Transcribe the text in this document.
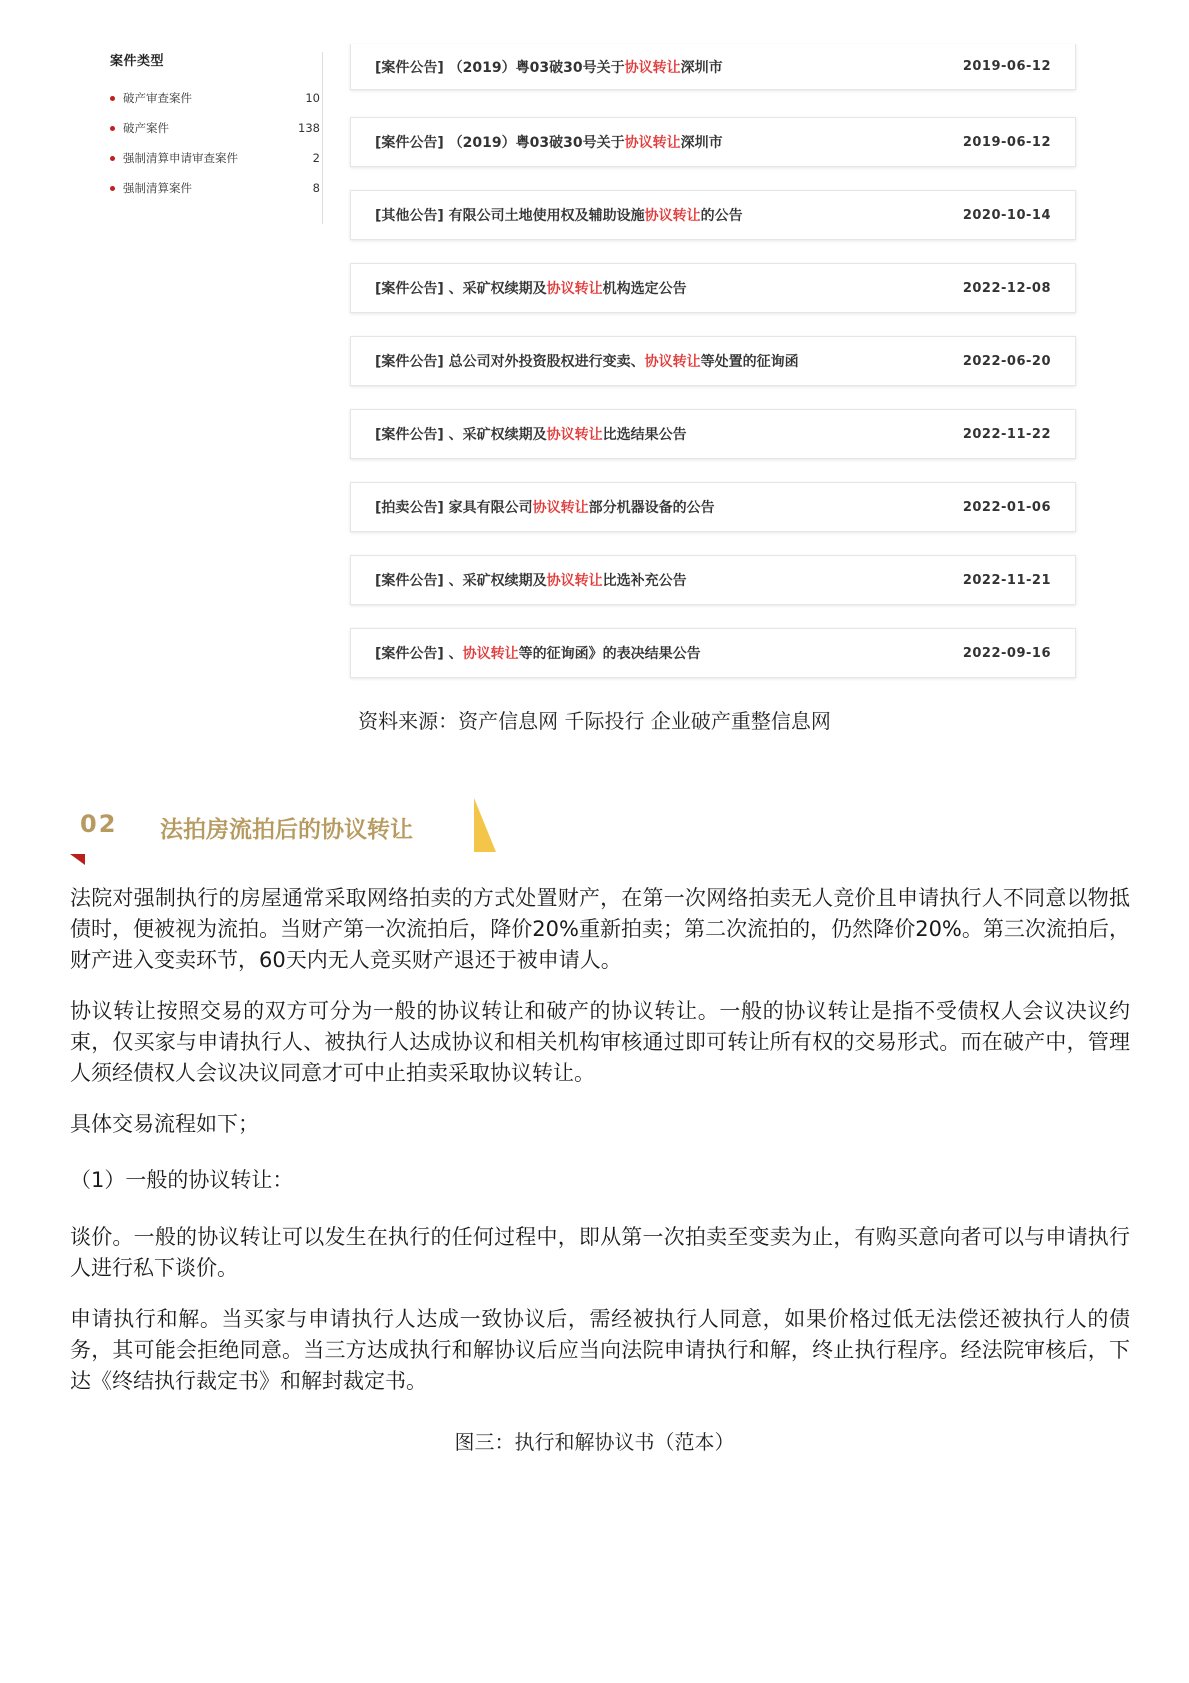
案件类型
破产审查案件	10
破产案件	138
强制清算申请审查案件	2
强制清算案件	8
[案件公告] （2019）粤03破30号关于协议转让深圳市	2019-06-12
[案件公告] （2019）粤03破30号关于协议转让深圳市	2019-06-12
[其他公告] 有限公司土地使用权及辅助设施协议转让的公告	2020-10-14
[案件公告] 、采矿权续期及协议转让机构选定公告	2022-12-08
[案件公告] 总公司对外投资股权进行变卖、协议转让等处置的征询函	2022-06-20
[案件公告] 、采矿权续期及协议转让比选结果公告	2022-11-22
[拍卖公告] 家具有限公司协议转让部分机器设备的公告	2022-01-06
[案件公告] 、采矿权续期及协议转让比选补充公告	2022-11-21
[案件公告] 、协议转让等的征询函》的表决结果公告	2022-09-16
资料来源：资产信息网 千际投行 企业破产重整信息网
02 法拍房流拍后的协议转让

法院对强制执行的房屋通常采取网络拍卖的方式处置财产，在第一次网络拍卖无人竞价且申请执行人不同意以物抵债时，便被视为流拍。当财产第一次流拍后，降价20%重新拍卖；第二次流拍的，仍然降价20%。第三次流拍后，财产进入变卖环节，60天内无人竞买财产退还于被申请人。

协议转让按照交易的双方可分为一般的协议转让和破产的协议转让。一般的协议转让是指不受债权人会议决议约束，仅买家与申请执行人、被执行人达成协议和相关机构审核通过即可转让所有权的交易形式。而在破产中，管理人须经债权人会议决议同意才可中止拍卖采取协议转让。

具体交易流程如下；

（1）一般的协议转让：

谈价。一般的协议转让可以发生在执行的任何过程中，即从第一次拍卖至变卖为止，有购买意向者可以与申请执行人进行私下谈价。

申请执行和解。当买家与申请执行人达成一致协议后，需经被执行人同意，如果价格过低无法偿还被执行人的债务，其可能会拒绝同意。当三方达成执行和解协议后应当向法院申请执行和解，终止执行程序。经法院审核后，下达《终结执行裁定书》和解封裁定书。

图三：执行和解协议书（范本）
